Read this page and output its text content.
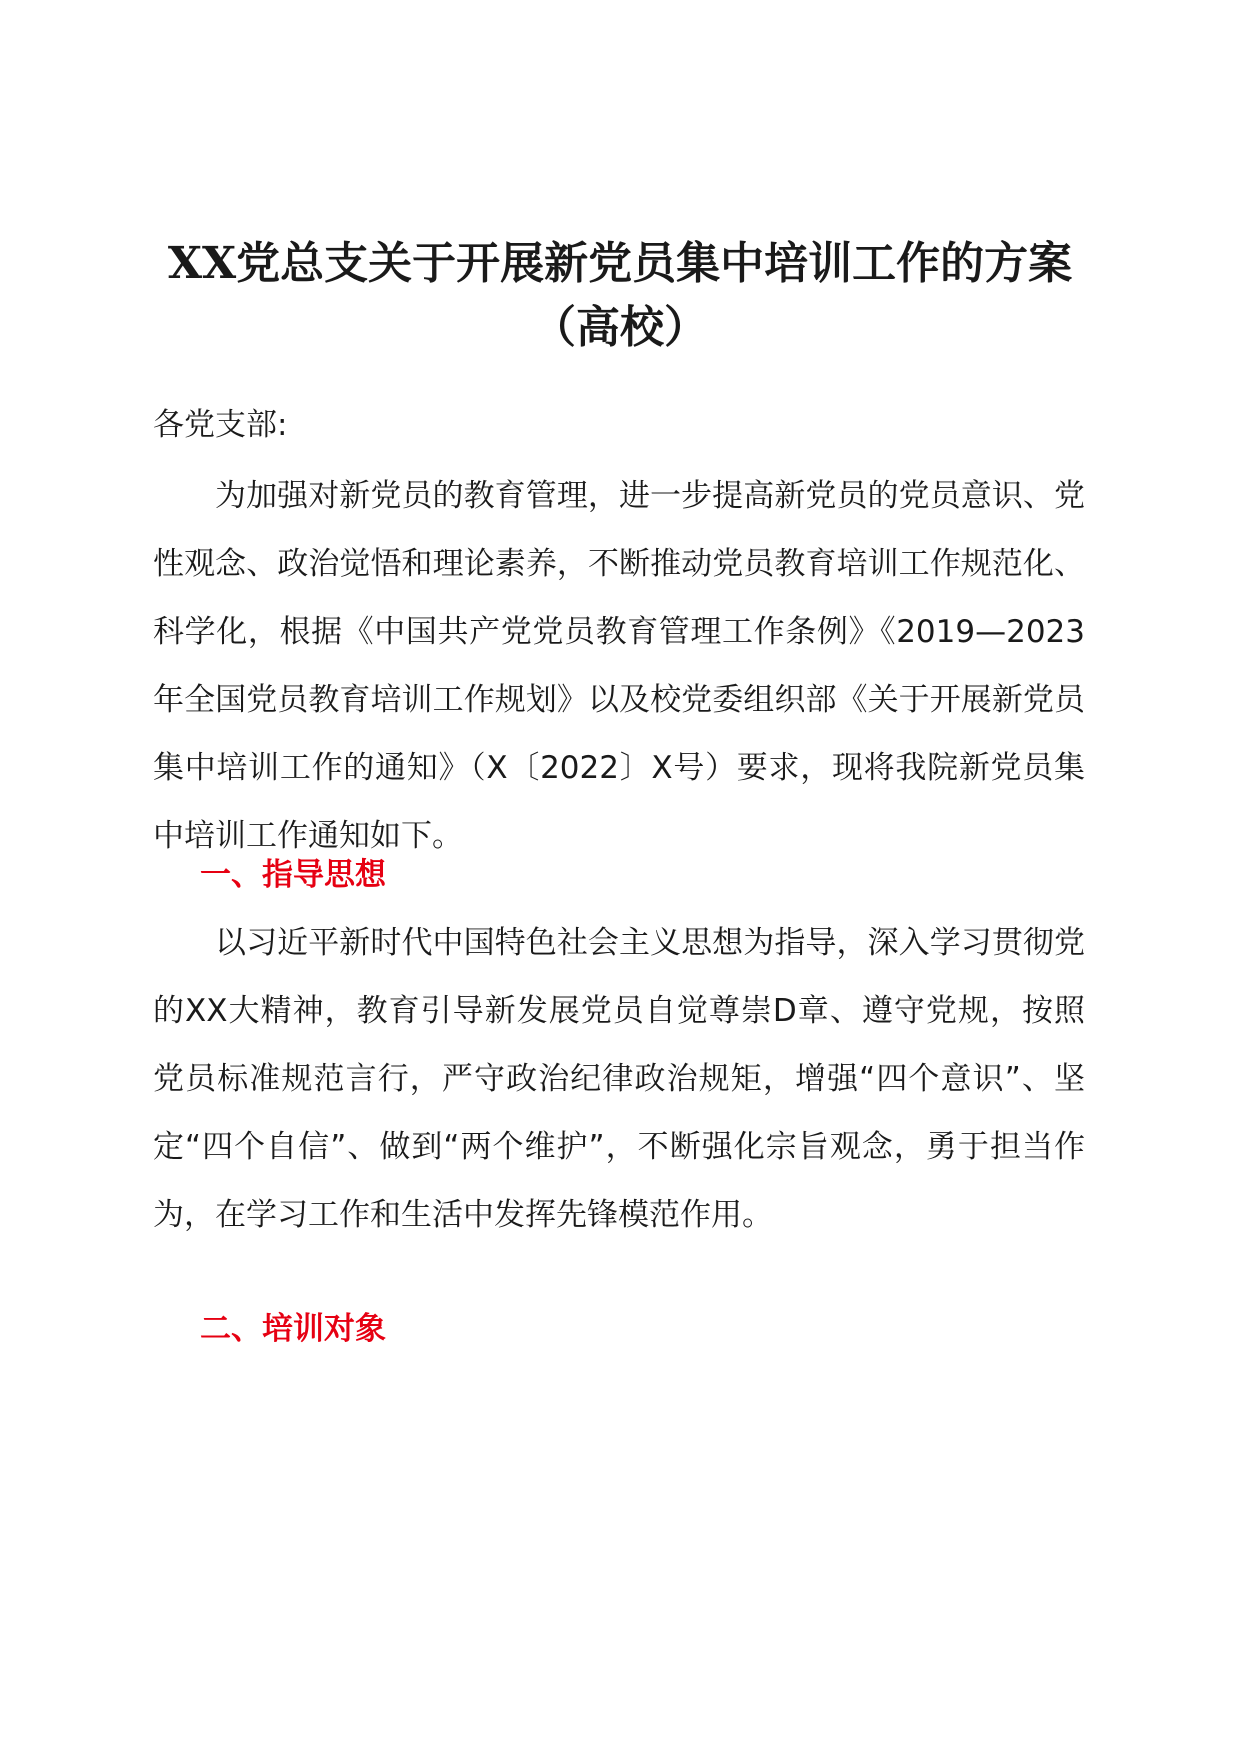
XX党总支关于开展新党员集中培训工作的方案（高校）

各党支部:

为加强对新党员的教育管理，进一步提高新党员的党员意识、党性观念、政治觉悟和理论素养，不断推动党员教育培训工作规范化、科学化，根据《中国共产党党员教育管理工作条例》《2019—2023年全国党员教育培训工作规划》以及校党委组织部《关于开展新党员集中培训工作的通知》（X〔2022〕X号）要求，现将我院新党员集中培训工作通知如下。

一、指导思想

以习近平新时代中国特色社会主义思想为指导，深入学习贯彻党的XX大精神，教育引导新发展党员自觉尊崇D章、遵守党规，按照党员标准规范言行，严守政治纪律政治规矩，增强“四个意识”、坚定“四个自信”、做到“两个维护”，不断强化宗旨观念，勇于担当作为，在学习工作和生活中发挥先锋模范作用。

二、培训对象
